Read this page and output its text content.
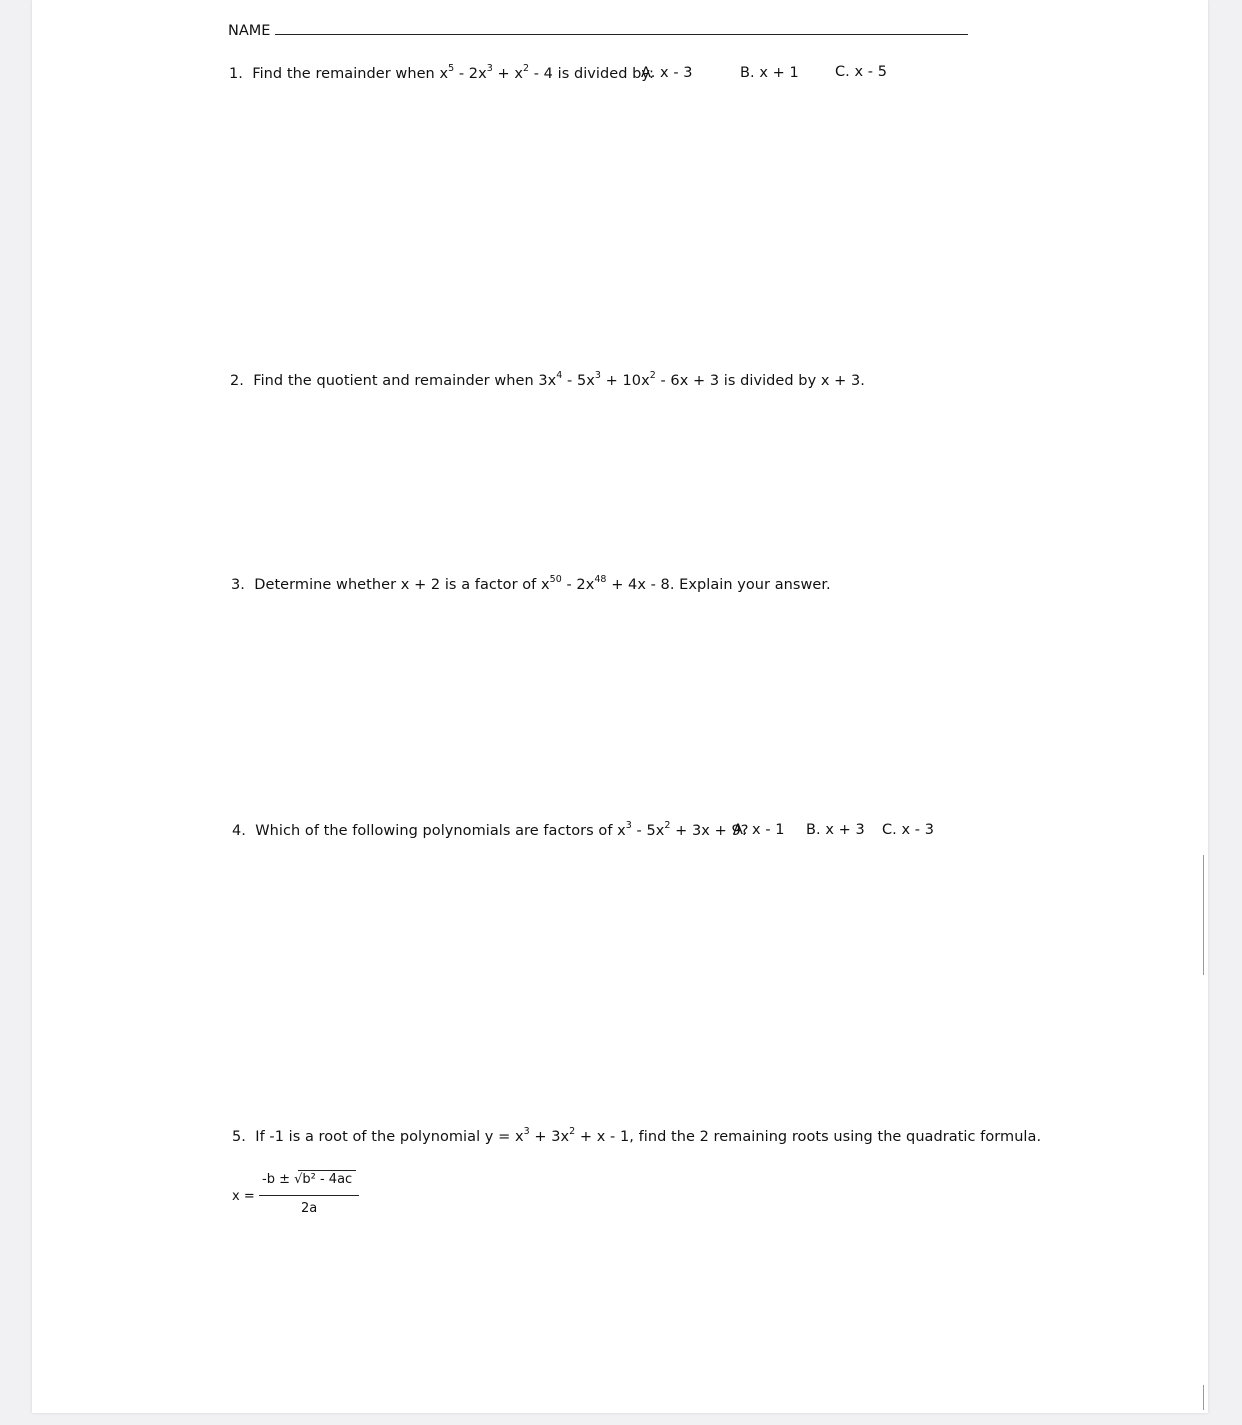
NAME
1. Find the remainder when $x^5 - 2x^3 + x^2 - 4$ is divided by:
A. x - 3	B. x + 1	C. x - 5
2. Find the quotient and remainder when $3x^4 - 5x^3 + 10x^2 - 6x + 3$ is divided by x + 3.
3. Determine whether x + 2 is a factor of $x^{50} - 2x^{48} + 4x - 8$. Explain your answer.
4. Which of the following polynomials are factors of $x^3 - 5x^2 + 3x + 9$?
A. x - 1 B. x + 3 C. x - 3
5. If -1 is a root of the polynomial $y = x^3 + 3x^2 + x - 1$, find the 2 remaining roots using the quadratic formula.
x =
-b ± √b² - 4ac
2a
